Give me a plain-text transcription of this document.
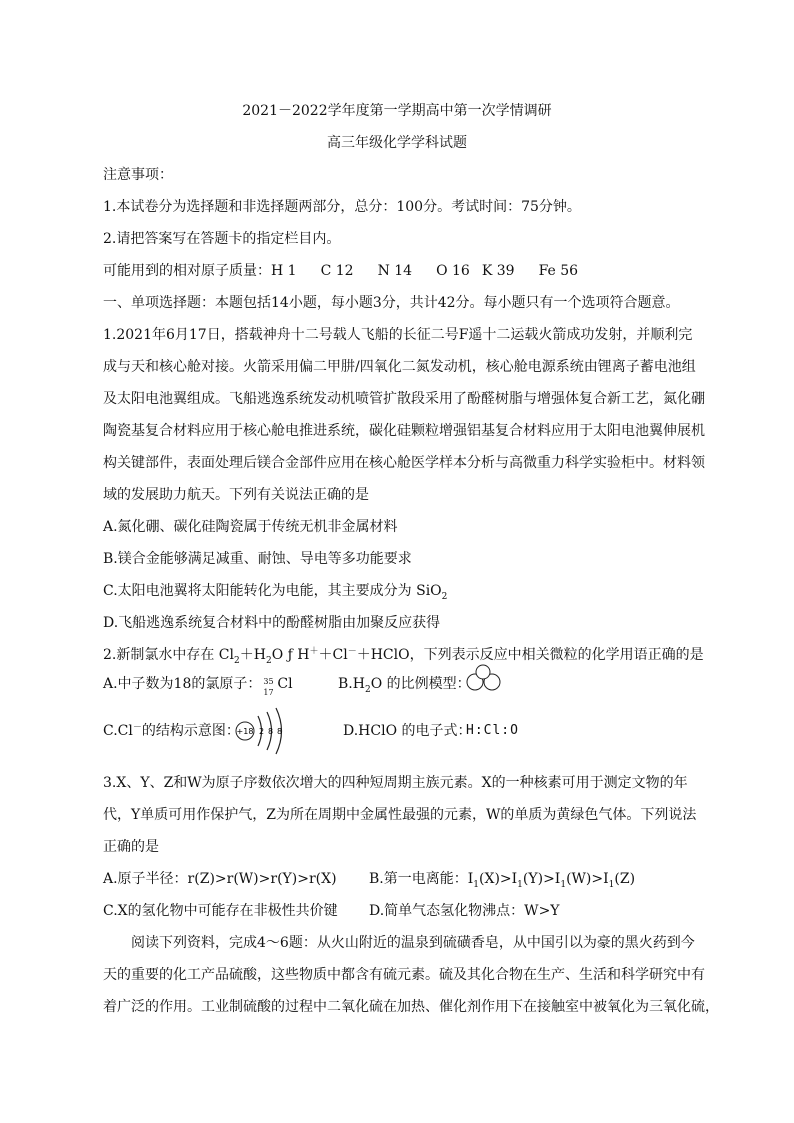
2021－2022学年度第一学期高中第一次学情调研
高三年级化学学科试题
注意事项：
1.本试卷分为选择题和非选择题两部分，总分：100分。考试时间：75分钟。
2.请把答案写在答题卡的指定栏目内。
可能用到的相对原子质量：H 1 C 12 N 14 O 16 K 39 Fe 56
一、单项选择题：本题包括14小题，每小题3分，共计42分。每小题只有一个选项符合题意。
1.2021年6月17日，搭载神舟十二号载人飞船的长征二号F遥十二运载火箭成功发射，并顺利完
成与天和核心舱对接。火箭采用偏二甲肼/四氧化二氮发动机，核心舱电源系统由锂离子蓄电池组
及太阳电池翼组成。飞船逃逸系统发动机喷管扩散段采用了酚醛树脂与增强体复合新工艺，氮化硼
陶瓷基复合材料应用于核心舱电推进系统，碳化硅颗粒增强铝基复合材料应用于太阳电池翼伸展机
构关键部件，表面处理后镁合金部件应用在核心舱医学样本分析与高微重力科学实验柜中。材料领
域的发展助力航天。下列有关说法正确的是
A.氮化硼、碳化硅陶瓷属于传统无机非金属材料
B.镁合金能够满足减重、耐蚀、导电等多功能要求
C.太阳电池翼将太阳能转化为电能，其主要成分为 SiO$_2$
D.飞船逃逸系统复合材料中的酚醛树脂由加聚反应获得
2.新制氯水中存在 $Cl_2+H_2O$ ƒ H＋＋Cl－＋HClO，下列表示反应中相关微粒的化学用语正确的是
A.中子数为18的氯原子： 35
17
Cl	$B.H_2O$ 的比例模型：
C.Cl－的结构示意图：
+18 2 8 8	D.HClO 的电子式：
H:Cl:O
3.X、Y、Z和W为原子序数依次增大的四种短周期主族元素。X的一种核素可用于测定文物的年
代，Y单质可用作保护气，Z为所在周期中金属性最强的元素，W的单质为黄绿色气体。下列说法
正确的是
A.原子半径：r(Z)>r(W)>r(Y)>r(X) B.第一电离能：$I_1(X)>I_1(Y)>I_1(W)>I_1(Z)$
C.X的氢化物中可能存在非极性共价键 D.简单气态氢化物沸点：W>Y
阅读下列资料，完成4～6题：从火山附近的温泉到硫磺香皂，从中国引以为豪的黑火药到今
天的重要的化工产品硫酸，这些物质中都含有硫元素。硫及其化合物在生产、生活和科学研究中有
着广泛的作用。工业制硫酸的过程中二氧化硫在加热、催化剂作用下在接触室中被氧化为三氧化硫，
